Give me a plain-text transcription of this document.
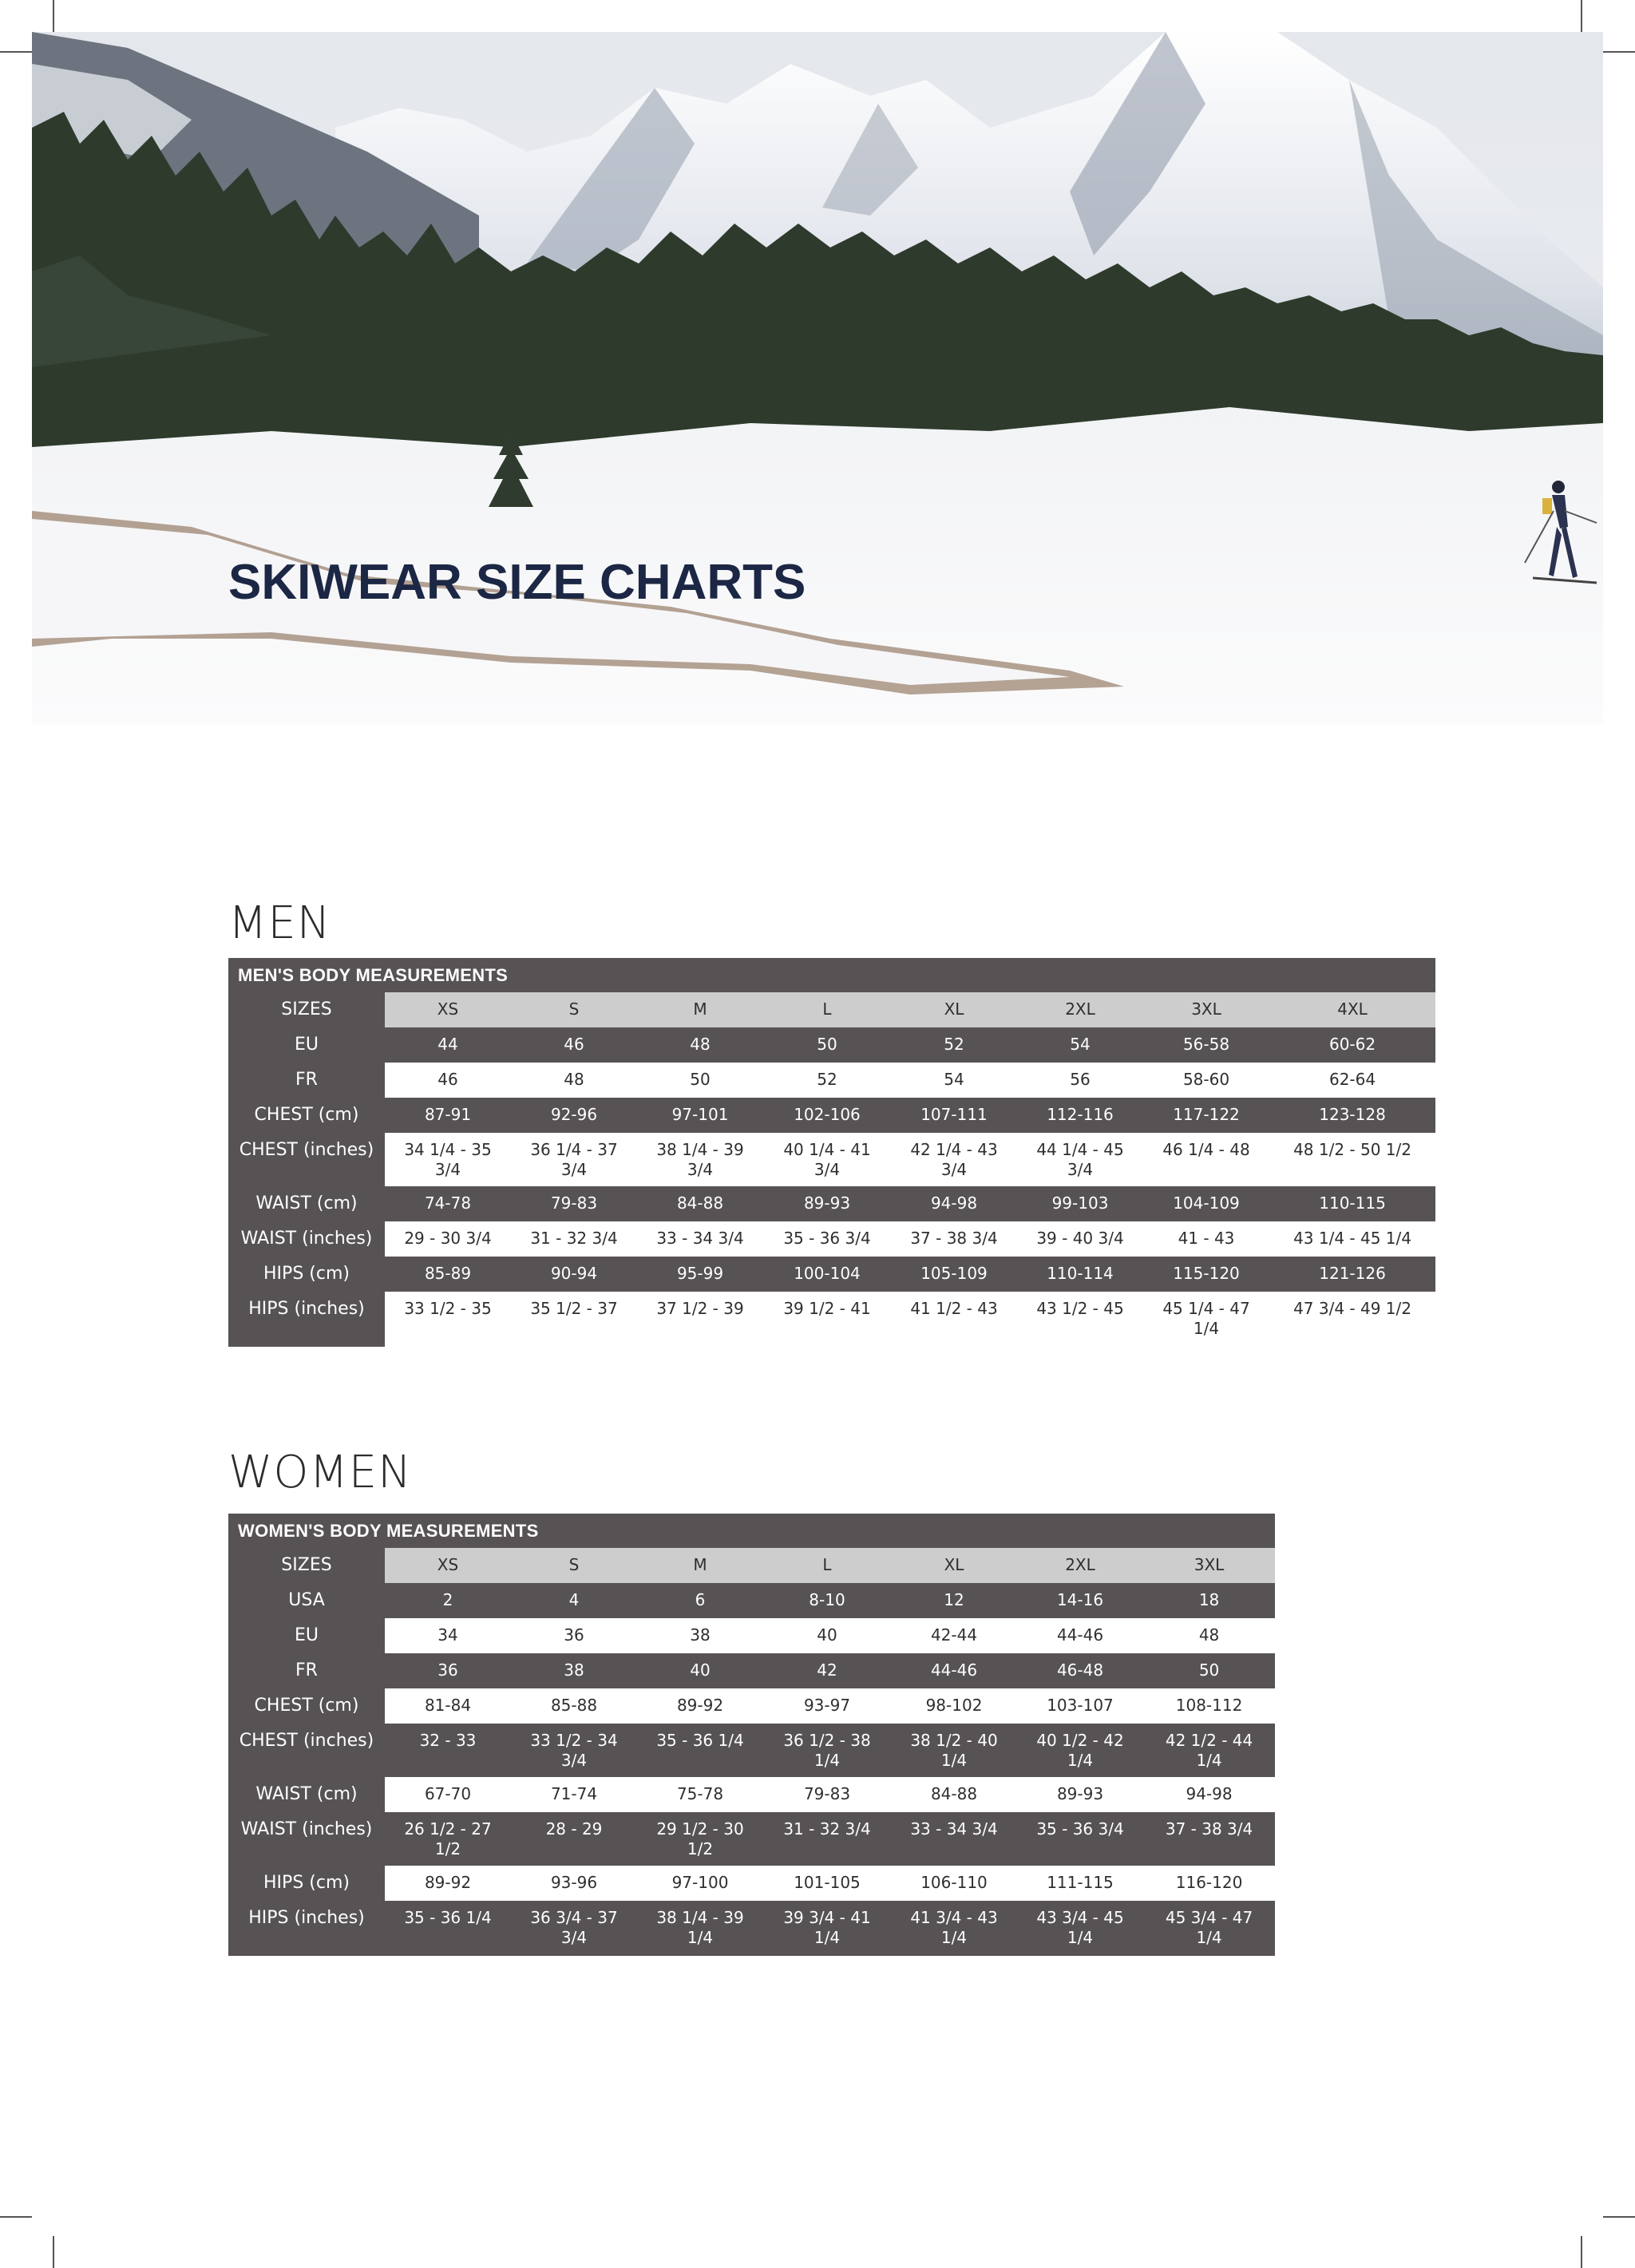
SKIWEAR SIZE CHARTS
MEN
MEN'S BODY MEASUREMENTS								
SIZES	XS	S	M	L	XL	2XL	3XL	4XL
EU	44	46	48	50	52	54	56-58	60-62
FR	46	48	50	52	54	56	58-60	62-64
CHEST (cm)	87-91	92-96	97-101	102-106	107-111	112-116	117-122	123-128
CHEST (inches)	34 1/4 - 35 3/4	36 1/4 - 37 3/4	38 1/4 - 39 3/4	40 1/4 - 41 3/4	42 1/4 - 43 3/4	44 1/4 - 45 3/4	46 1/4 - 48	48 1/2 - 50 1/2
WAIST (cm)	74-78	79-83	84-88	89-93	94-98	99-103	104-109	110-115
WAIST (inches)	29 - 30 3/4	31 - 32 3/4	33 - 34 3/4	35 - 36 3/4	37 - 38 3/4	39 - 40 3/4	41 - 43	43 1/4 - 45 1/4
HIPS (cm)	85-89	90-94	95-99	100-104	105-109	110-114	115-120	121-126
HIPS (inches)	33 1/2 - 35	35 1/2 - 37	37 1/2 - 39	39 1/2 - 41	41 1/2 - 43	43 1/2 - 45	45 1/4 - 47 1/4	47 3/4 - 49 1/2
WOMEN
WOMEN'S BODY MEASUREMENTS							
SIZES	XS	S	M	L	XL	2XL	3XL
USA	2	4	6	8-10	12	14-16	18
EU	34	36	38	40	42-44	44-46	48
FR	36	38	40	42	44-46	46-48	50
CHEST (cm)	81-84	85-88	89-92	93-97	98-102	103-107	108-112
CHEST (inches)	32 - 33	33 1/2 - 34 3/4	35 - 36 1/4	36 1/2 - 38 1/4	38 1/2 - 40 1/4	40 1/2 - 42 1/4	42 1/2 - 44 1/4
WAIST (cm)	67-70	71-74	75-78	79-83	84-88	89-93	94-98
WAIST (inches)	26 1/2 - 27 1/2	28 - 29	29 1/2 - 30 1/2	31 - 32 3/4	33 - 34 3/4	35 - 36 3/4	37 - 38 3/4
HIPS (cm)	89-92	93-96	97-100	101-105	106-110	111-115	116-120
HIPS (inches)	35 - 36 1/4	36 3/4 - 37 3/4	38 1/4 - 39 1/4	39 3/4 - 41 1/4	41 3/4 - 43 1/4	43 3/4 - 45 1/4	45 3/4 - 47 1/4
